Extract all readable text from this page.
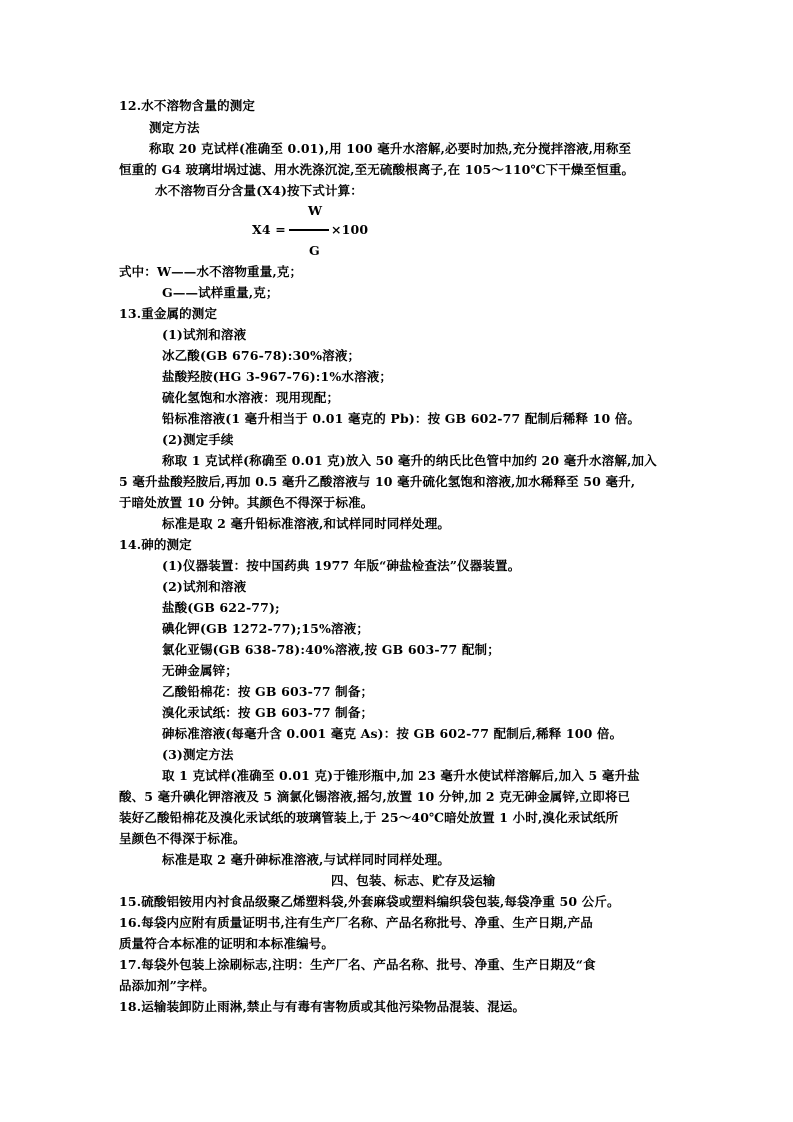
12.水不溶物含量的测定
测定方法
称取 20 克试样(准确至 0.01),用 100 毫升水溶解,必要时加热,充分搅拌溶液,用称至
恒重的 G4 玻璃坩埚过滤、用水洗涤沉淀,至无硫酸根离子,在 105～110℃下干燥至恒重。
水不溶物百分含量(X4)按下式计算：
W
X4 =	×100
G
式中：W——水不溶物重量,克；
G——试样重量,克；
13.重金属的测定
(1)试剂和溶液
冰乙酸(GB 676-78):30%溶液；
盐酸羟胺(HG 3-967-76):1%水溶液；
硫化氢饱和水溶液：现用现配；
铅标准溶液(1 毫升相当于 0.01 毫克的 Pb)：按 GB 602-77 配制后稀释 10 倍。
(2)测定手续
称取 1 克试样(称确至 0.01 克)放入 50 毫升的纳氏比色管中加约 20 毫升水溶解,加入
5 毫升盐酸羟胺后,再加 0.5 毫升乙酸溶液与 10 毫升硫化氢饱和溶液,加水稀释至 50 毫升,
于暗处放置 10 分钟。其颜色不得深于标准。
标准是取 2 毫升铅标准溶液,和试样同时同样处理。
14.砷的测定
(1)仪器装置：按中国药典 1977 年版“砷盐检查法”仪器装置。
(2)试剂和溶液
盐酸(GB 622-77);
碘化钾(GB 1272-77);15%溶液；
氯化亚锡(GB 638-78):40%溶液,按 GB 603-77 配制；
无砷金属锌；
乙酸铅棉花：按 GB 603-77 制备；
溴化汞试纸：按 GB 603-77 制备；
砷标准溶液(每毫升含 0.001 毫克 As)：按 GB 602-77 配制后,稀释 100 倍。
(3)测定方法
取 1 克试样(准确至 0.01 克)于锥形瓶中,加 23 毫升水使试样溶解后,加入 5 毫升盐
酸、5 毫升碘化钾溶液及 5 滴氯化锡溶液,摇匀,放置 10 分钟,加 2 克无砷金属锌,立即将已
装好乙酸铅棉花及溴化汞试纸的玻璃管装上,于 25～40℃暗处放置 1 小时,溴化汞试纸所
呈颜色不得深于标准。
标准是取 2 毫升砷标准溶液,与试样同时同样处理。
四、包装、标志、贮存及运输
15.硫酸铝铵用内衬食品级聚乙烯塑料袋,外套麻袋或塑料编织袋包装,每袋净重 50 公斤。
16.每袋内应附有质量证明书,注有生产厂名称、产品名称批号、净重、生产日期,产品
质量符合本标准的证明和本标准编号。
17.每袋外包装上涂刷标志,注明：生产厂名、产品名称、批号、净重、生产日期及“食
品添加剂”字样。
18.运输装卸防止雨淋,禁止与有毒有害物质或其他污染物品混装、混运。
